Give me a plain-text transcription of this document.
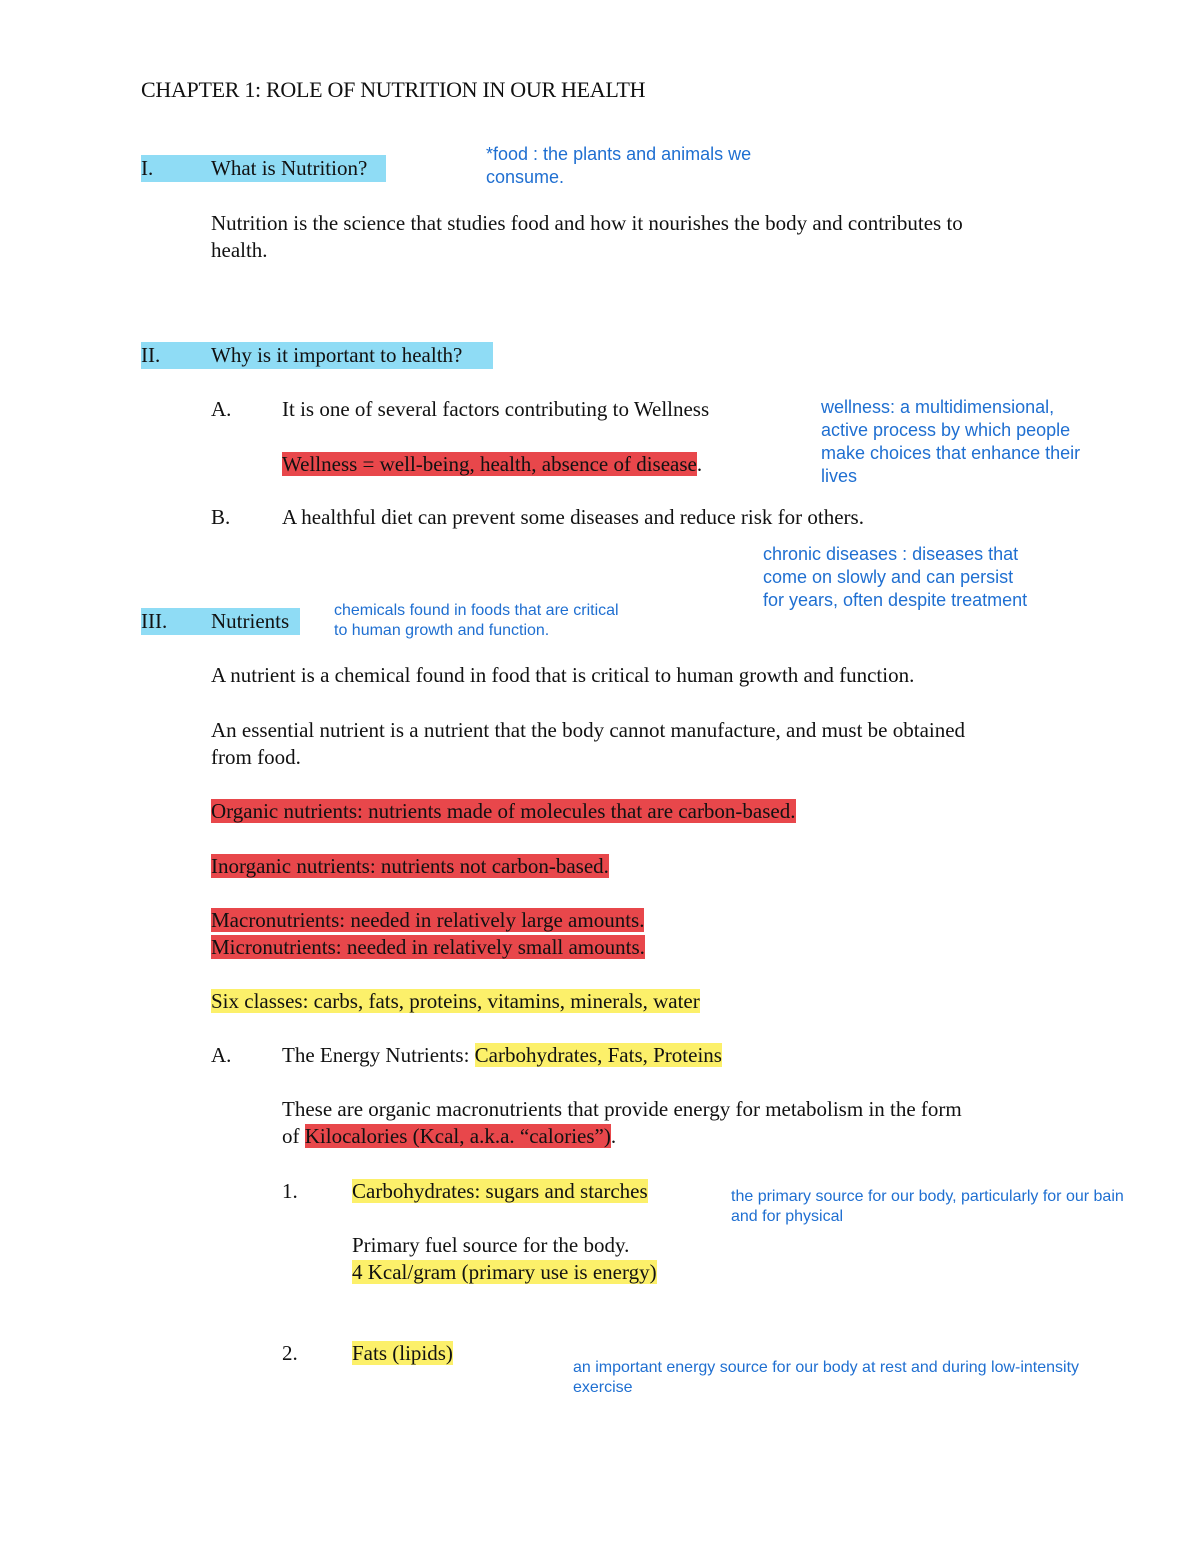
CHAPTER 1: ROLE OF NUTRITION IN OUR HEALTH
I.	What is Nutrition?
*food : the plants and animals we
consume.
Nutrition is the science that studies food and how it nourishes the body and contributes to
health.
II. Why is it important to health?
A. It is one of several factors contributing to Wellness	wellness: a multidimensional,
active process by which people
make choices that enhance their
lives
Wellness = well-being, health, absence of disease.
B. A healthful diet can prevent some diseases and reduce risk for others.
chronic diseases : diseases that
come on slowly and can persist
for years, often despite treatment
III. Nutrients	chemicals found in foods that are critical
to human growth and function.
A nutrient is a chemical found in food that is critical to human growth and function.
An essential nutrient is a nutrient that the body cannot manufacture, and must be obtained
from food.
Organic nutrients: nutrients made of molecules that are carbon-based.
Inorganic nutrients: nutrients not carbon-based.
Macronutrients: needed in relatively large amounts.
Micronutrients: needed in relatively small amounts.
Six classes: carbs, fats, proteins, vitamins, minerals, water
A. The Energy Nutrients: Carbohydrates, Fats, Proteins
These are organic macronutrients that provide energy for metabolism in the form
of Kilocalories (Kcal, a.k.a. “calories”).
1.	Carbohydrates: sugars and starches	the primary source for our body, particularly for our bain
and for physical
Primary fuel source for the body.
4 Kcal/gram (primary use is energy)
2.	Fats (lipids)
an important energy source for our body at rest and during low-intensity
exercise
